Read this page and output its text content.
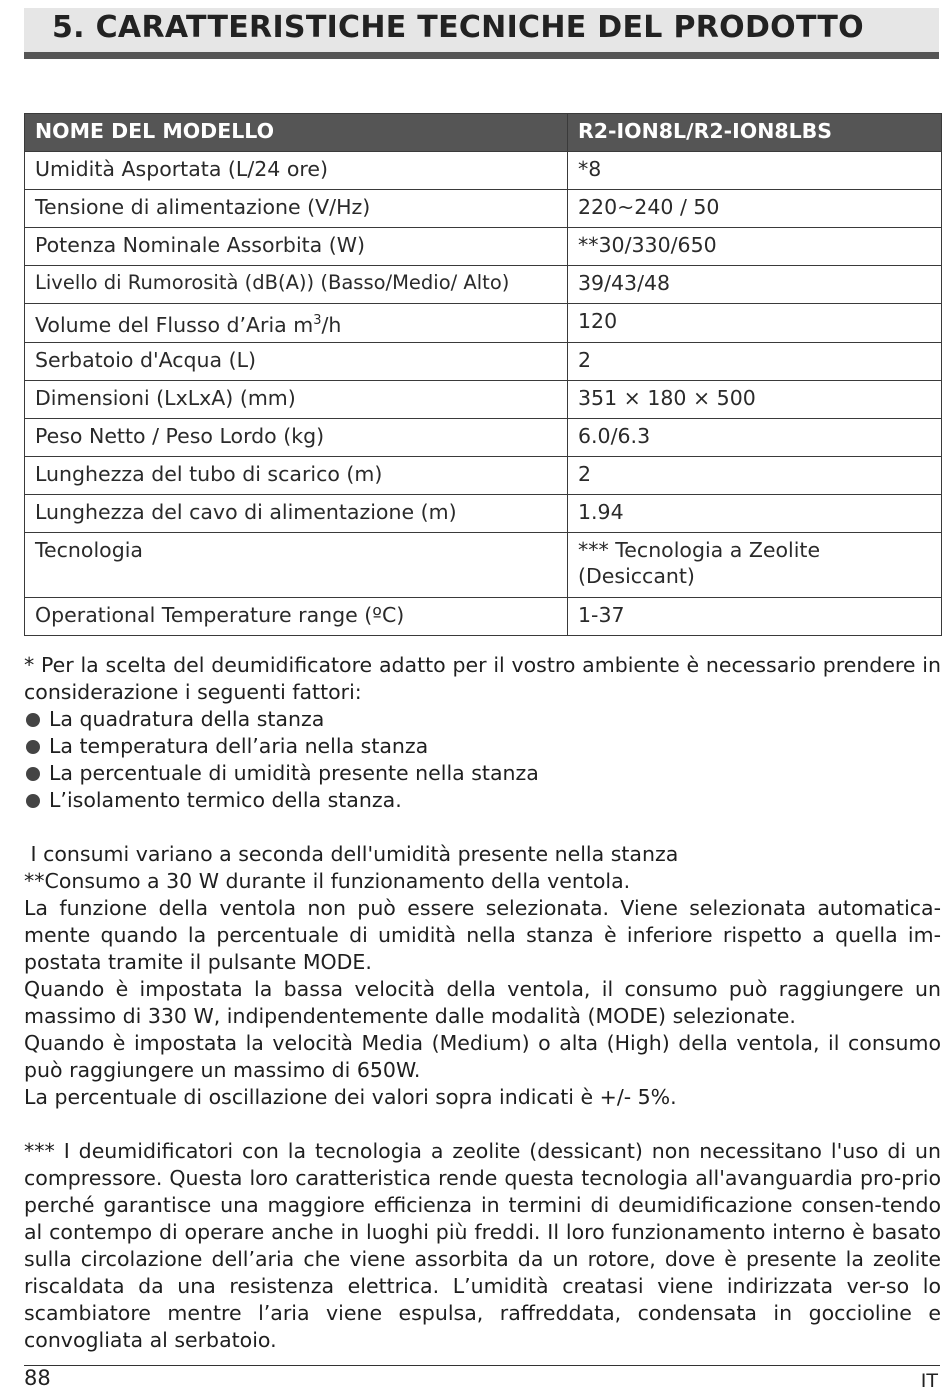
5. CARATTERISTICHE TECNICHE DEL PRODOTTO
NOME DEL MODELLO	R2-ION8L/R2-ION8LBS
Umidità Asportata (L/24 ore)	*8
Tensione di alimentazione (V/Hz)	220~240 / 50
Potenza Nominale Assorbita (W)	**30/330/650
Livello di Rumorosità (dB(A)) (Basso/Medio/ Alto)	39/43/48
Volume del Flusso d’Aria $m^3/h$	120
Serbatoio d'Acqua (L)	2
Dimensioni (LxLxA) (mm)	351 × 180 × 500
Peso Netto / Peso Lordo (kg)	6.0/6.3
Lunghezza del tubo di scarico (m)	2
Lunghezza del cavo di alimentazione (m)	1.94
Tecnologia	*** Tecnologia a Zeolite (Desiccant)
Operational Temperature range (ºC)	1-37

* Per la scelta del deumidificatore adatto per il vostro ambiente è necessario prendere in considerazione i seguenti fattori:

La quadratura della stanza
La temperatura dell’aria nella stanza
La percentuale di umidità presente nella stanza
L’isolamento termico della stanza.

I consumi variano a seconda dell'umidità presente nella stanza

**Consumo a 30 W durante il funzionamento della ventola.

La funzione della ventola non può essere selezionata. Viene selezionata automatica-mente quando la percentuale di umidità nella stanza è inferiore rispetto a quella im-postata tramite il pulsante MODE.

Quando è impostata la bassa velocità della ventola, il consumo può raggiungere un massimo di 330 W, indipendentemente dalle modalità (MODE) selezionate.

Quando è impostata la velocità Media (Medium) o alta (High) della ventola, il consumo può raggiungere un massimo di 650W.

La percentuale di oscillazione dei valori sopra indicati è +/- 5%.

*** I deumidificatori con la tecnologia a zeolite (dessicant) non necessitano l'uso di un compressore. Questa loro caratteristica rende questa tecnologia all'avanguardia pro-prio perché garantisce una maggiore efficienza in termini di deumidificazione consen-tendo al contempo di operare anche in luoghi più freddi. Il loro funzionamento interno è basato sulla circolazione dell’aria che viene assorbita da un rotore, dove è presente la zeolite riscaldata da una resistenza elettrica. L’umidità creatasi viene indirizzata ver-so lo scambiatore mentre l’aria viene espulsa, raffreddata, condensata in goccioline e convogliata al serbatoio.

88	IT
